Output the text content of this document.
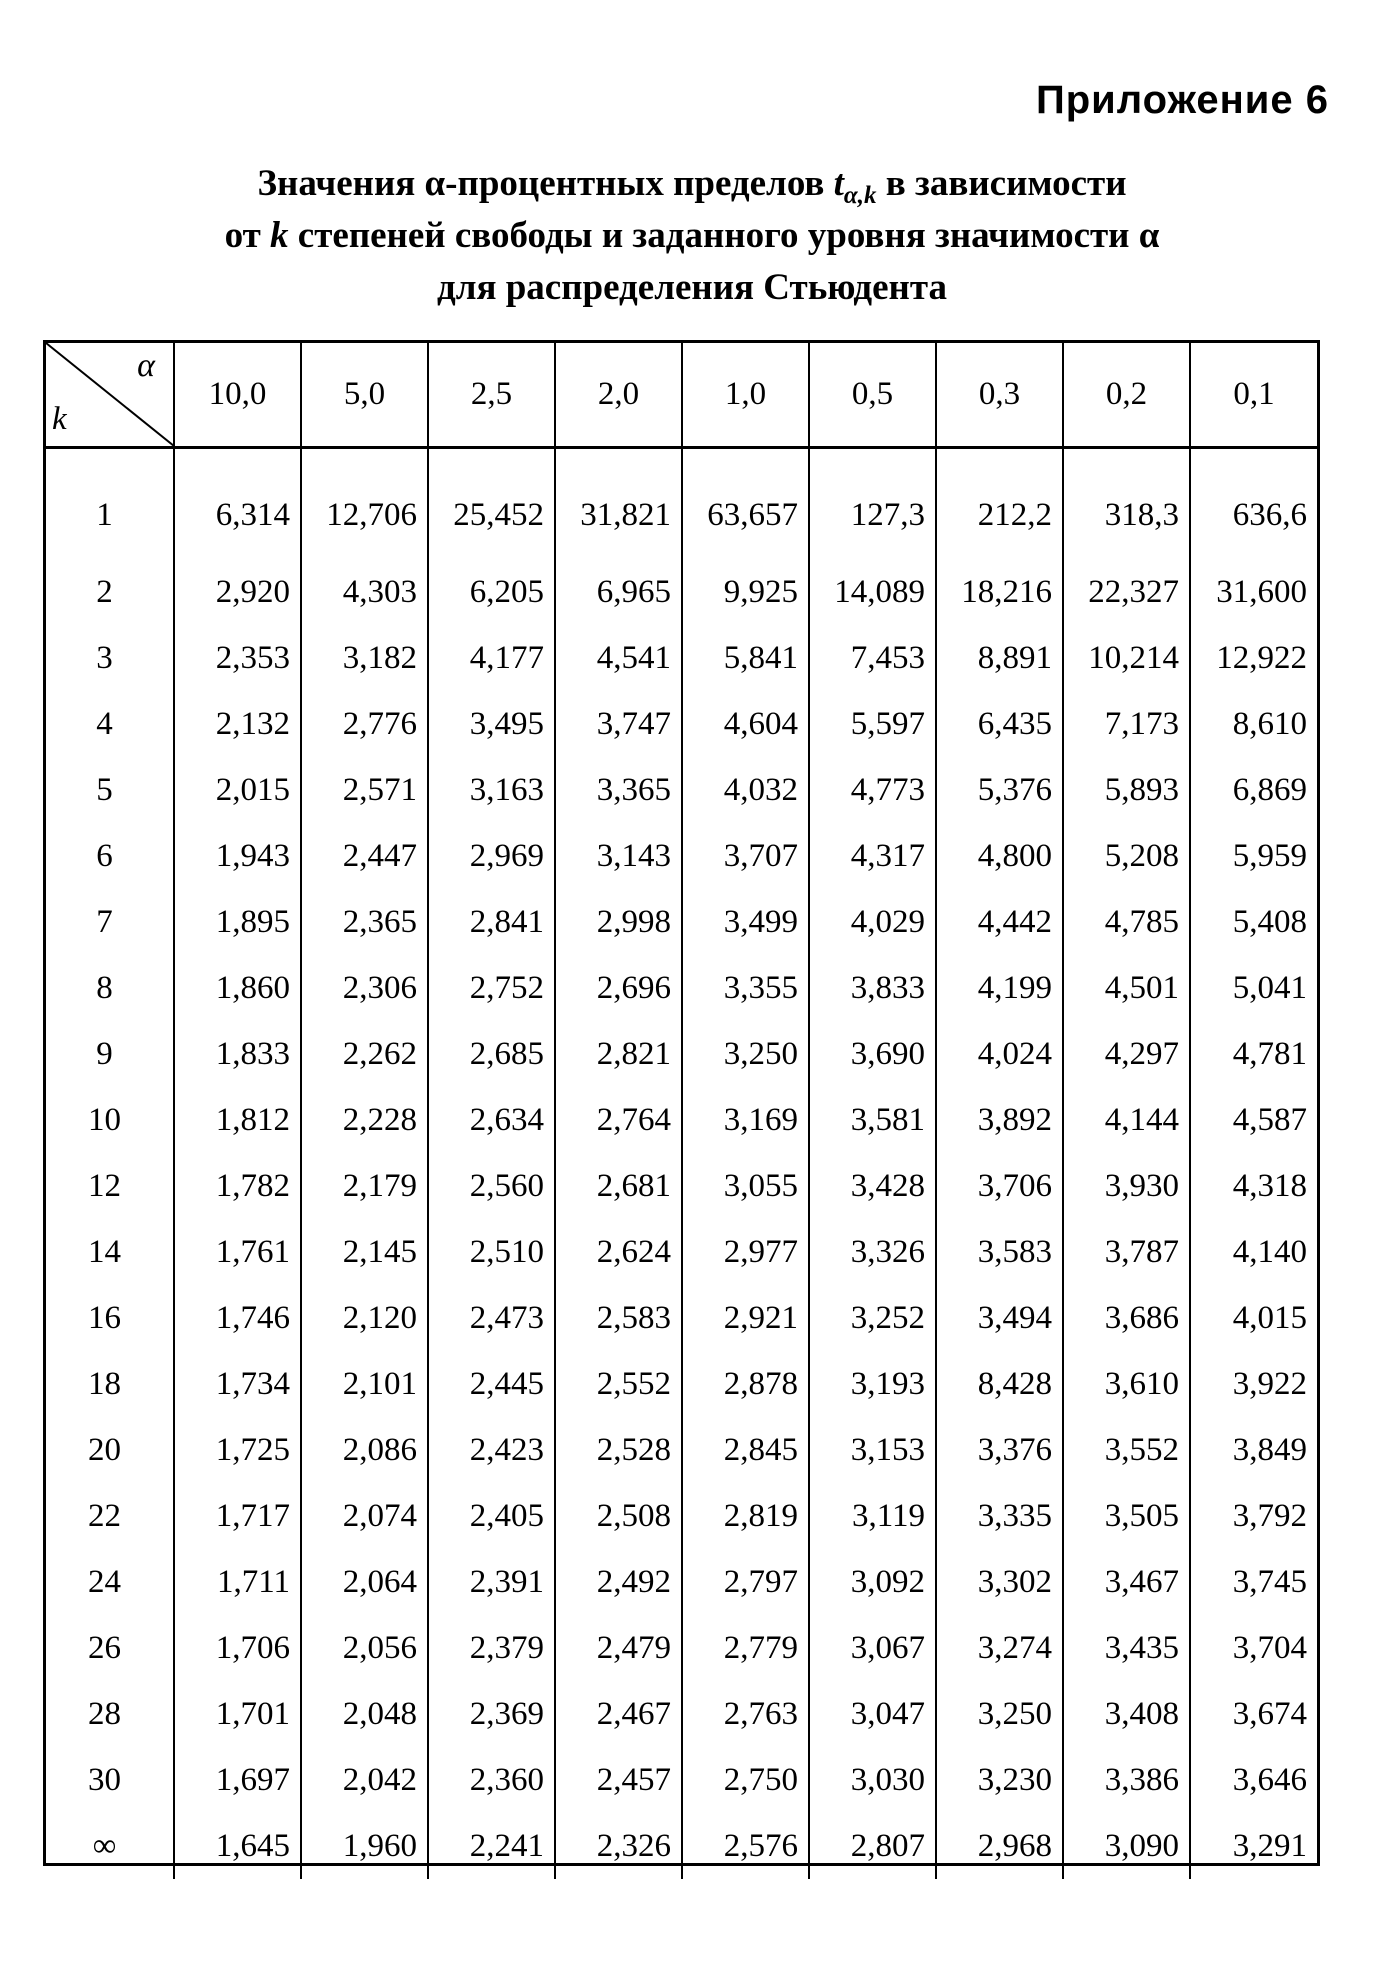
Приложение 6
Значения α-процентных пределов $t_{\alpha,k}$ в зависимости
от k степеней свободы и заданного уровня значимости α
для распределения Стьюдента
α
k	10,0	5,0	2,5	2,0	1,0	0,5	0,3	0,2	0,1
1	6,314	12,706	25,452	31,821	63,657	127,3	212,2	318,3	636,6
2	2,920	4,303	6,205	6,965	9,925	14,089	18,216	22,327	31,600
3	2,353	3,182	4,177	4,541	5,841	7,453	8,891	10,214	12,922
4	2,132	2,776	3,495	3,747	4,604	5,597	6,435	7,173	8,610
5	2,015	2,571	3,163	3,365	4,032	4,773	5,376	5,893	6,869
6	1,943	2,447	2,969	3,143	3,707	4,317	4,800	5,208	5,959
7	1,895	2,365	2,841	2,998	3,499	4,029	4,442	4,785	5,408
8	1,860	2,306	2,752	2,696	3,355	3,833	4,199	4,501	5,041
9	1,833	2,262	2,685	2,821	3,250	3,690	4,024	4,297	4,781
10	1,812	2,228	2,634	2,764	3,169	3,581	3,892	4,144	4,587
12	1,782	2,179	2,560	2,681	3,055	3,428	3,706	3,930	4,318
14	1,761	2,145	2,510	2,624	2,977	3,326	3,583	3,787	4,140
16	1,746	2,120	2,473	2,583	2,921	3,252	3,494	3,686	4,015
18	1,734	2,101	2,445	2,552	2,878	3,193	8,428	3,610	3,922
20	1,725	2,086	2,423	2,528	2,845	3,153	3,376	3,552	3,849
22	1,717	2,074	2,405	2,508	2,819	3,119	3,335	3,505	3,792
24	1,711	2,064	2,391	2,492	2,797	3,092	3,302	3,467	3,745
26	1,706	2,056	2,379	2,479	2,779	3,067	3,274	3,435	3,704
28	1,701	2,048	2,369	2,467	2,763	3,047	3,250	3,408	3,674
30	1,697	2,042	2,360	2,457	2,750	3,030	3,230	3,386	3,646
∞	1,645	1,960	2,241	2,326	2,576	2,807	2,968	3,090	3,291
